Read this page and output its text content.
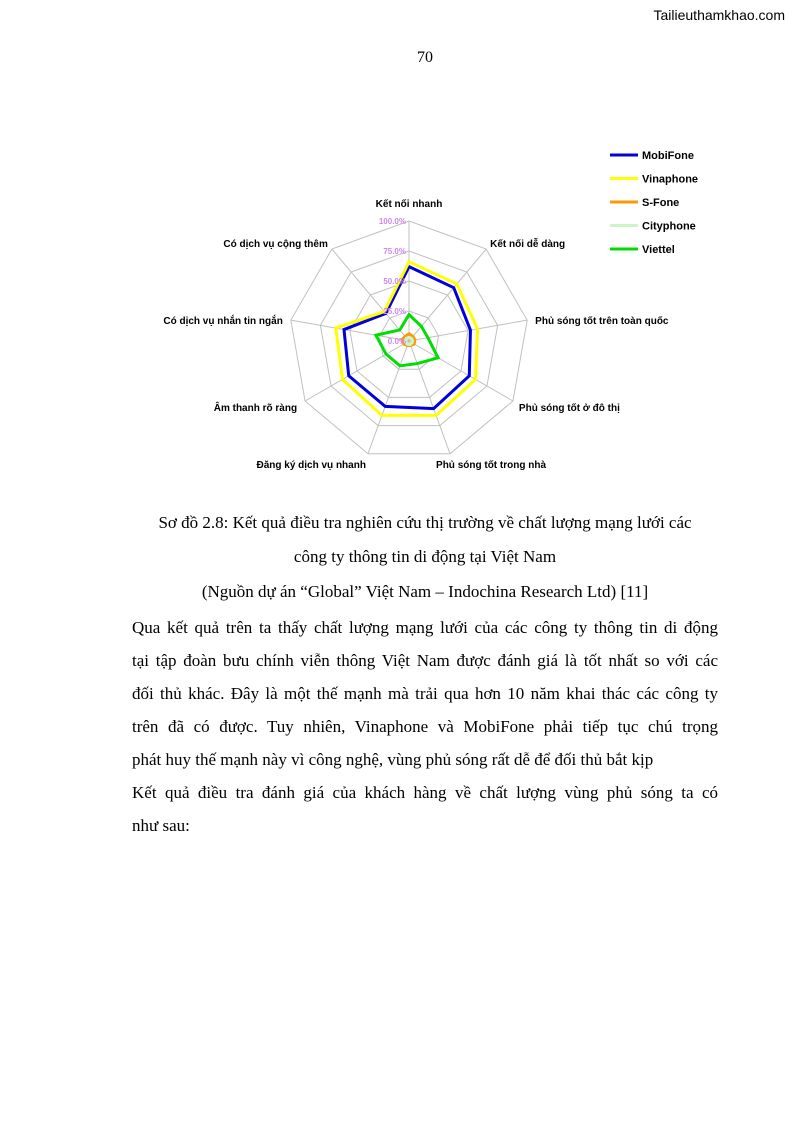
Tailieuthamkhao.com
70
Kết nối nhanh
Kết nối dễ dàng
Phủ sóng tốt trên toàn quốc
Phủ sóng tốt ở đô thị
Phủ sóng tốt trong nhà
Đăng ký dịch vụ nhanh
Âm thanh rõ ràng
Có dịch vụ nhắn tin ngắn
Có dịch vụ cộng thêm
0.0%
25.0%
50.0%
75.0%
100.0%
MobiFone
Vinaphone
S-Fone
Cityphone
Viettel
Sơ đồ 2.8: Kết quả điều tra nghiên cứu thị trường về chất lượng mạng lưới các
công ty thông tin di động tại Việt Nam
(Nguồn dự án “Global” Việt Nam – Indochina Research Ltd) [11]
Qua kết quả trên ta thấy chất lượng mạng lưới của các công ty thông tin di động
tại tập đoàn bưu chính viễn thông Việt Nam được đánh giá là tốt nhất so với các
đối thủ khác. Đây là một thế mạnh mà trải qua hơn 10 năm khai thác các công ty
trên đã có được. Tuy nhiên, Vinaphone và MobiFone phải tiếp tục chú trọng
phát huy thế mạnh này vì công nghệ, vùng phủ sóng rất dễ để đối thủ bắt kịp
Kết quả điều tra đánh giá của khách hàng về chất lượng vùng phủ sóng ta có
như sau:
